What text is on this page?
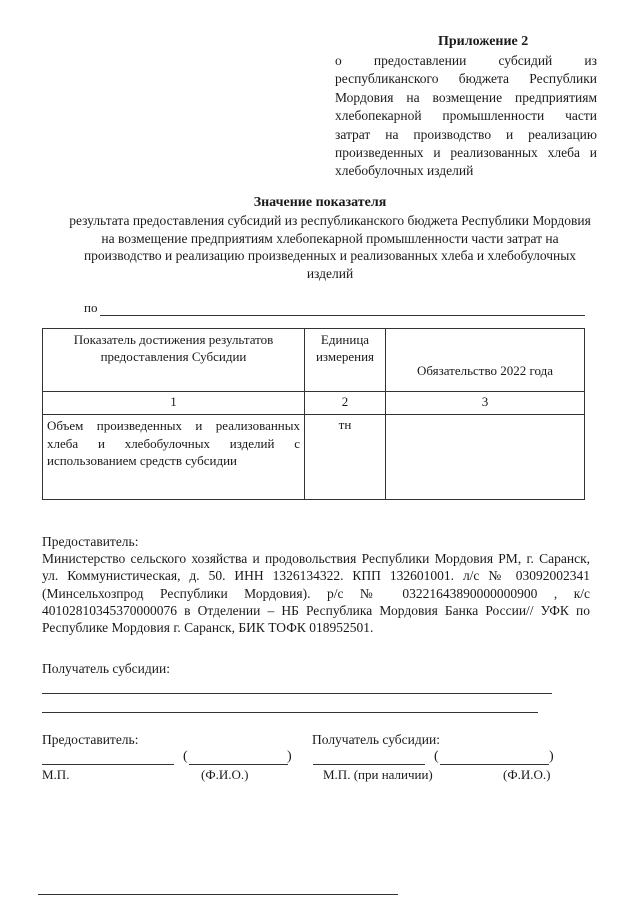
Приложение 2
о предоставлении субсидий из республиканского бюджета Республики Мордовия на возмещение предприятиям хлебопекарной промышленности части затрат на производство и реализацию произведенных и реализованных хлеба и хлебобулочных изделий
Значение показателя
результата предоставления субсидий из республиканского бюджета Республики Мордовия на возмещение предприятиям хлебопекарной промышленности части затрат на производство и реализацию произведенных и реализованных хлеба и хлебобулочных изделий
по
Показатель достижения результатов предоставления Субсидии	Единица измерения	Обязательство 2022 года
1	2	3
Объем произведенных и реализованных хлеба и хлебобулочных изделий с использованием средств субсидии	тн	
Предоставитель:
Министерство сельского хозяйства и продовольствия Республики Мордовия РМ, г. Саранск, ул. Коммунистическая, д. 50. ИНН 1326134322. КПП 132601001. л/с № 03092002341 (Минсельхозпрод Республики Мордовия). р/с № 03221643890000000900 , к/с 40102810345370000076 в Отделении – НБ Республика Мордовия Банка России// УФК по Республике Мордовия г. Саранск, БИК ТОФК 018952501.
Получатель субсидии:
Предоставитель:	Получатель субсидии:
(	)	(	)
М.П.	(Ф.И.О.)	М.П. (при наличии)	(Ф.И.О.)
